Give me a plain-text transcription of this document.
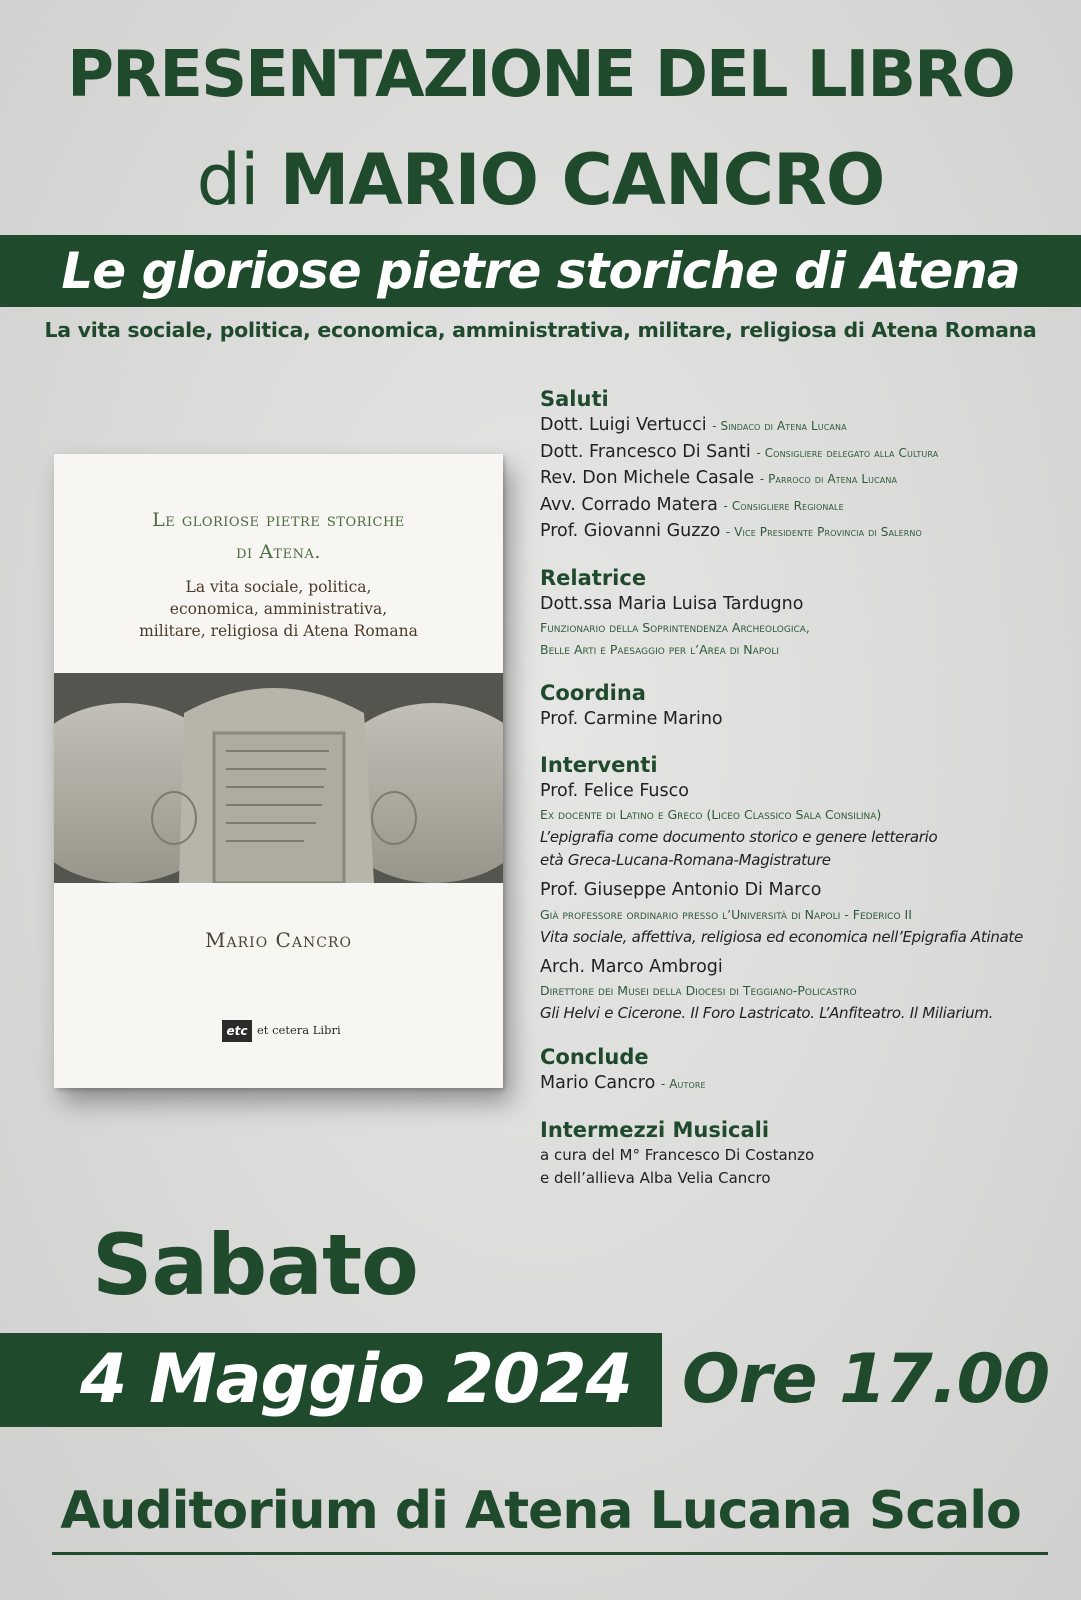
PRESENTAZIONE DEL LIBRO
di MARIO CANCRO
Le gloriose pietre storiche di Atena
La vita sociale, politica, economica, amministrativa, militare, religiosa di Atena Romana
Le gloriose pietre storiche
di Atena.
La vita sociale, politica,
economica, amministrativa,
militare, religiosa di Atena Romana
Mario Cancro
etc et cetera Libri
Saluti
Dott. Luigi Vertucci - Sindaco di Atena Lucana
Dott. Francesco Di Santi - Consigliere delegato alla Cultura
Rev. Don Michele Casale - Parroco di Atena Lucana
Avv. Corrado Matera - Consigliere Regionale
Prof. Giovanni Guzzo - Vice Presidente Provincia di Salerno
Relatrice
Dott.ssa Maria Luisa Tardugno
Funzionario della Soprintendenza Archeologica,
Belle Arti e Paesaggio per l’Area di Napoli
Coordina
Prof. Carmine Marino
Interventi
Prof. Felice Fusco
Ex docente di Latino e Greco (Liceo Classico Sala Consilina)
L’epigrafia come documento storico e genere letterario
età Greca-Lucana-Romana-Magistrature
Prof. Giuseppe Antonio Di Marco
Già professore ordinario presso l’Università di Napoli - Federico II
Vita sociale, affettiva, religiosa ed economica nell’Epigrafia Atinate
Arch. Marco Ambrogi
Direttore dei Musei della Diocesi di Teggiano-Policastro
Gli Helvi e Cicerone. Il Foro Lastricato. L’Anfiteatro. Il Miliarium.
Conclude
Mario Cancro - Autore
Intermezzi Musicali
a cura del M° Francesco Di Costanzo
e dell’allieva Alba Velia Cancro
Sabato
4 Maggio 2024 Ore 17.00
Auditorium di Atena Lucana Scalo
